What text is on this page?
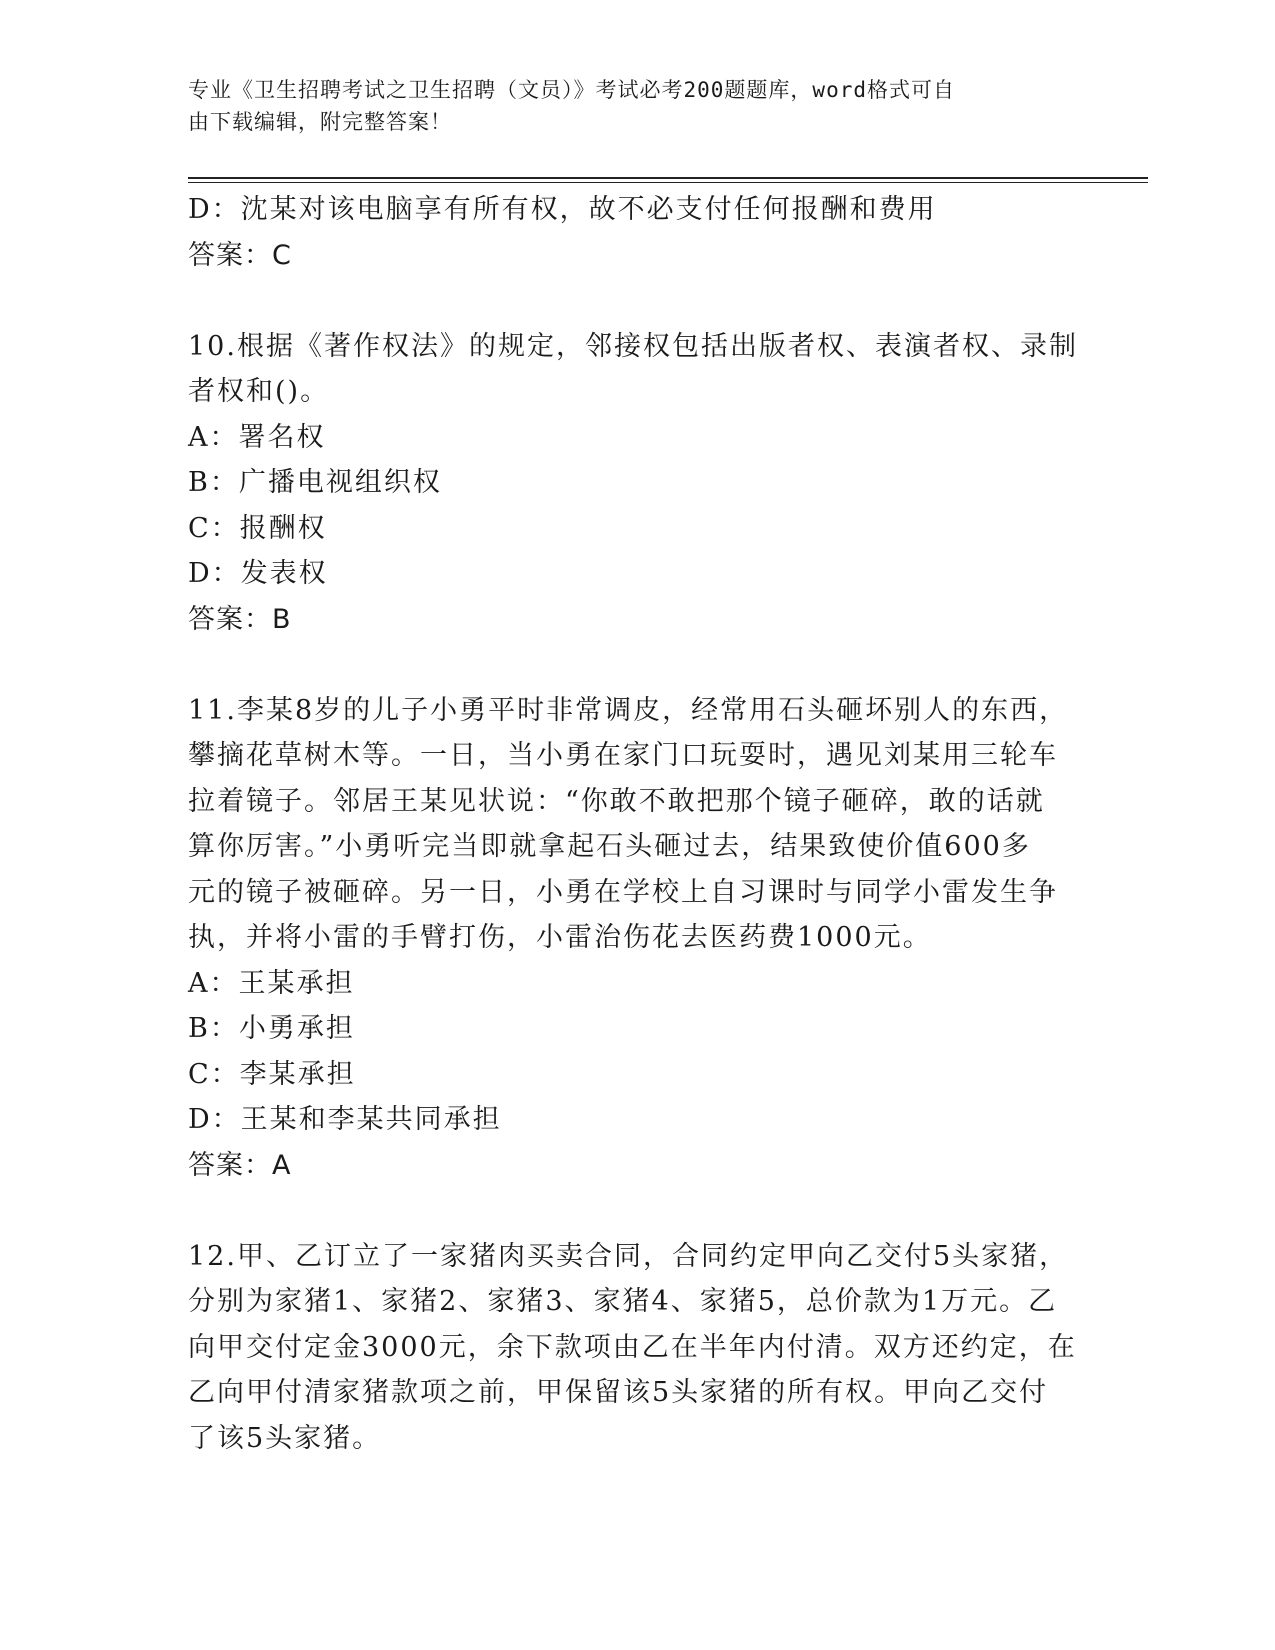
专业《卫生招聘考试之卫生招聘（文员）》考试必考200题题库，word格式可自
由下载编辑，附完整答案！
D：沈某对该电脑享有所有权，故不必支付任何报酬和费用
答案：C
10.根据《著作权法》的规定，邻接权包括出版者权、表演者权、录制
者权和()。
A：署名权
B：广播电视组织权
C：报酬权
D：发表权
答案：B
11.李某8岁的儿子小勇平时非常调皮，经常用石头砸坏别人的东西，
攀摘花草树木等。一日，当小勇在家门口玩耍时，遇见刘某用三轮车
拉着镜子。邻居王某见状说：“你敢不敢把那个镜子砸碎，敢的话就
算你厉害。”小勇听完当即就拿起石头砸过去，结果致使价值600多
元的镜子被砸碎。另一日，小勇在学校上自习课时与同学小雷发生争
执，并将小雷的手臂打伤，小雷治伤花去医药费1000元。
A：王某承担
B：小勇承担
C：李某承担
D：王某和李某共同承担
答案：A
12.甲、乙订立了一家猪肉买卖合同，合同约定甲向乙交付5头家猪，
分别为家猪1、家猪2、家猪3、家猪4、家猪5，总价款为1万元。乙
向甲交付定金3000元，余下款项由乙在半年内付清。双方还约定，在
乙向甲付清家猪款项之前，甲保留该5头家猪的所有权。甲向乙交付
了该5头家猪。
